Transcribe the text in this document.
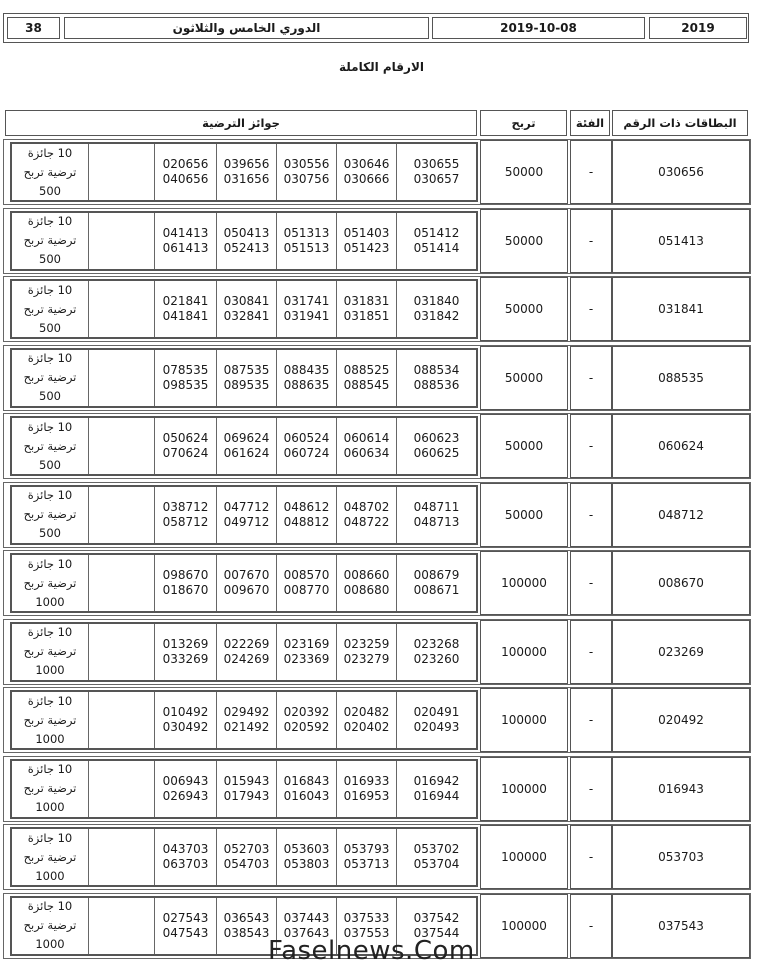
2019
2019-10-08
الدوري الخامس والثلاثون
38
الارقام الكاملة
البطاقات ذات الرقم
الفئة
تربح
جوائز الترضية
030656
-
50000
030655
030657
030646
030666
030556
030756
039656
031656
020656
040656
10 جائزة
ترضية تربح
500
051413
-
50000
051412
051414
051403
051423
051313
051513
050413
052413
041413
061413
10 جائزة
ترضية تربح
500
031841
-
50000
031840
031842
031831
031851
031741
031941
030841
032841
021841
041841
10 جائزة
ترضية تربح
500
088535
-
50000
088534
088536
088525
088545
088435
088635
087535
089535
078535
098535
10 جائزة
ترضية تربح
500
060624
-
50000
060623
060625
060614
060634
060524
060724
069624
061624
050624
070624
10 جائزة
ترضية تربح
500
048712
-
50000
048711
048713
048702
048722
048612
048812
047712
049712
038712
058712
10 جائزة
ترضية تربح
500
008670
-
100000
008679
008671
008660
008680
008570
008770
007670
009670
098670
018670
10 جائزة
ترضية تربح
1000
023269
-
100000
023268
023260
023259
023279
023169
023369
022269
024269
013269
033269
10 جائزة
ترضية تربح
1000
020492
-
100000
020491
020493
020482
020402
020392
020592
029492
021492
010492
030492
10 جائزة
ترضية تربح
1000
016943
-
100000
016942
016944
016933
016953
016843
016043
015943
017943
006943
026943
10 جائزة
ترضية تربح
1000
053703
-
100000
053702
053704
053793
053713
053603
053803
052703
054703
043703
063703
10 جائزة
ترضية تربح
1000
037543
-
100000
037542
037544
037533
037553
037443
037643
036543
038543
027543
047543
10 جائزة
ترضية تربح
1000	Faselnews.Com
